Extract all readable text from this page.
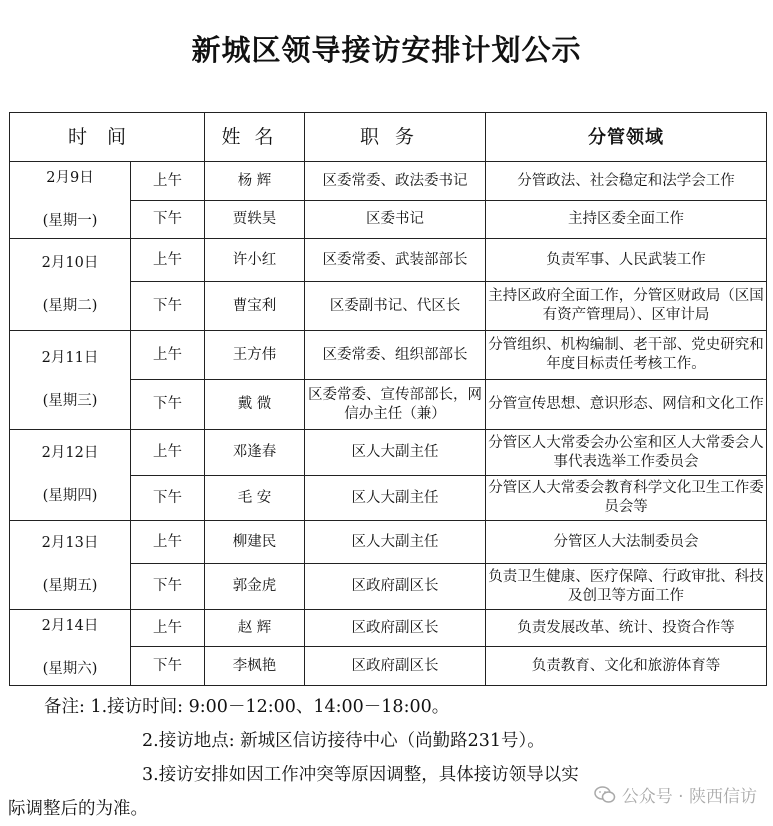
新城区领导接访安排计划公示
时间		姓名	职务	分管领域

2月9日
(星期一)	上午	杨 辉	区委常委、政法委书记	分管政法、社会稳定和法学会工作
	下午	贾轶昊	区委书记	主持区委全面工作

2月10日
(星期二)	上午	许小红	区委常委、武装部部长	负责军事、人民武装工作
	下午	曹宝利	区委副书记、代区长	主持区政府全面工作，分管区财政局（区国有资产管理局）、区审计局

2月11日
(星期三)	上午	王方伟	区委常委、组织部部长	分管组织、机构编制、老干部、党史研究和年度目标责任考核工作。
	下午	戴 微	区委常委、宣传部部长，网信办主任（兼）	分管宣传思想、意识形态、网信和文化工作

2月12日
(星期四)	上午	邓逢春	区人大副主任	分管区人大常委会办公室和区人大常委会人事代表选举工作委员会
	下午	毛 安	区人大副主任	分管区人大常委会教育科学文化卫生工作委员会等

2月13日
(星期五)	上午	柳建民	区人大副主任	分管区人大法制委员会
	下午	郭金虎	区政府副区长	负责卫生健康、医疗保障、行政审批、科技及创卫等方面工作

2月14日
(星期六)	上午	赵 辉	区政府副区长	负责发展改革、统计、投资合作等
	下午	李枫艳	区政府副区长	负责教育、文化和旅游体育等
备注: 1.接访时间: 9:00－12:00、14:00－18:00。
2.接访地点: 新城区信访接待中心（尚勤路231号）。
3.接访安排如因工作冲突等原因调整，具体接访领导以实
际调整后的为准。
公众号 · 陕西信访
